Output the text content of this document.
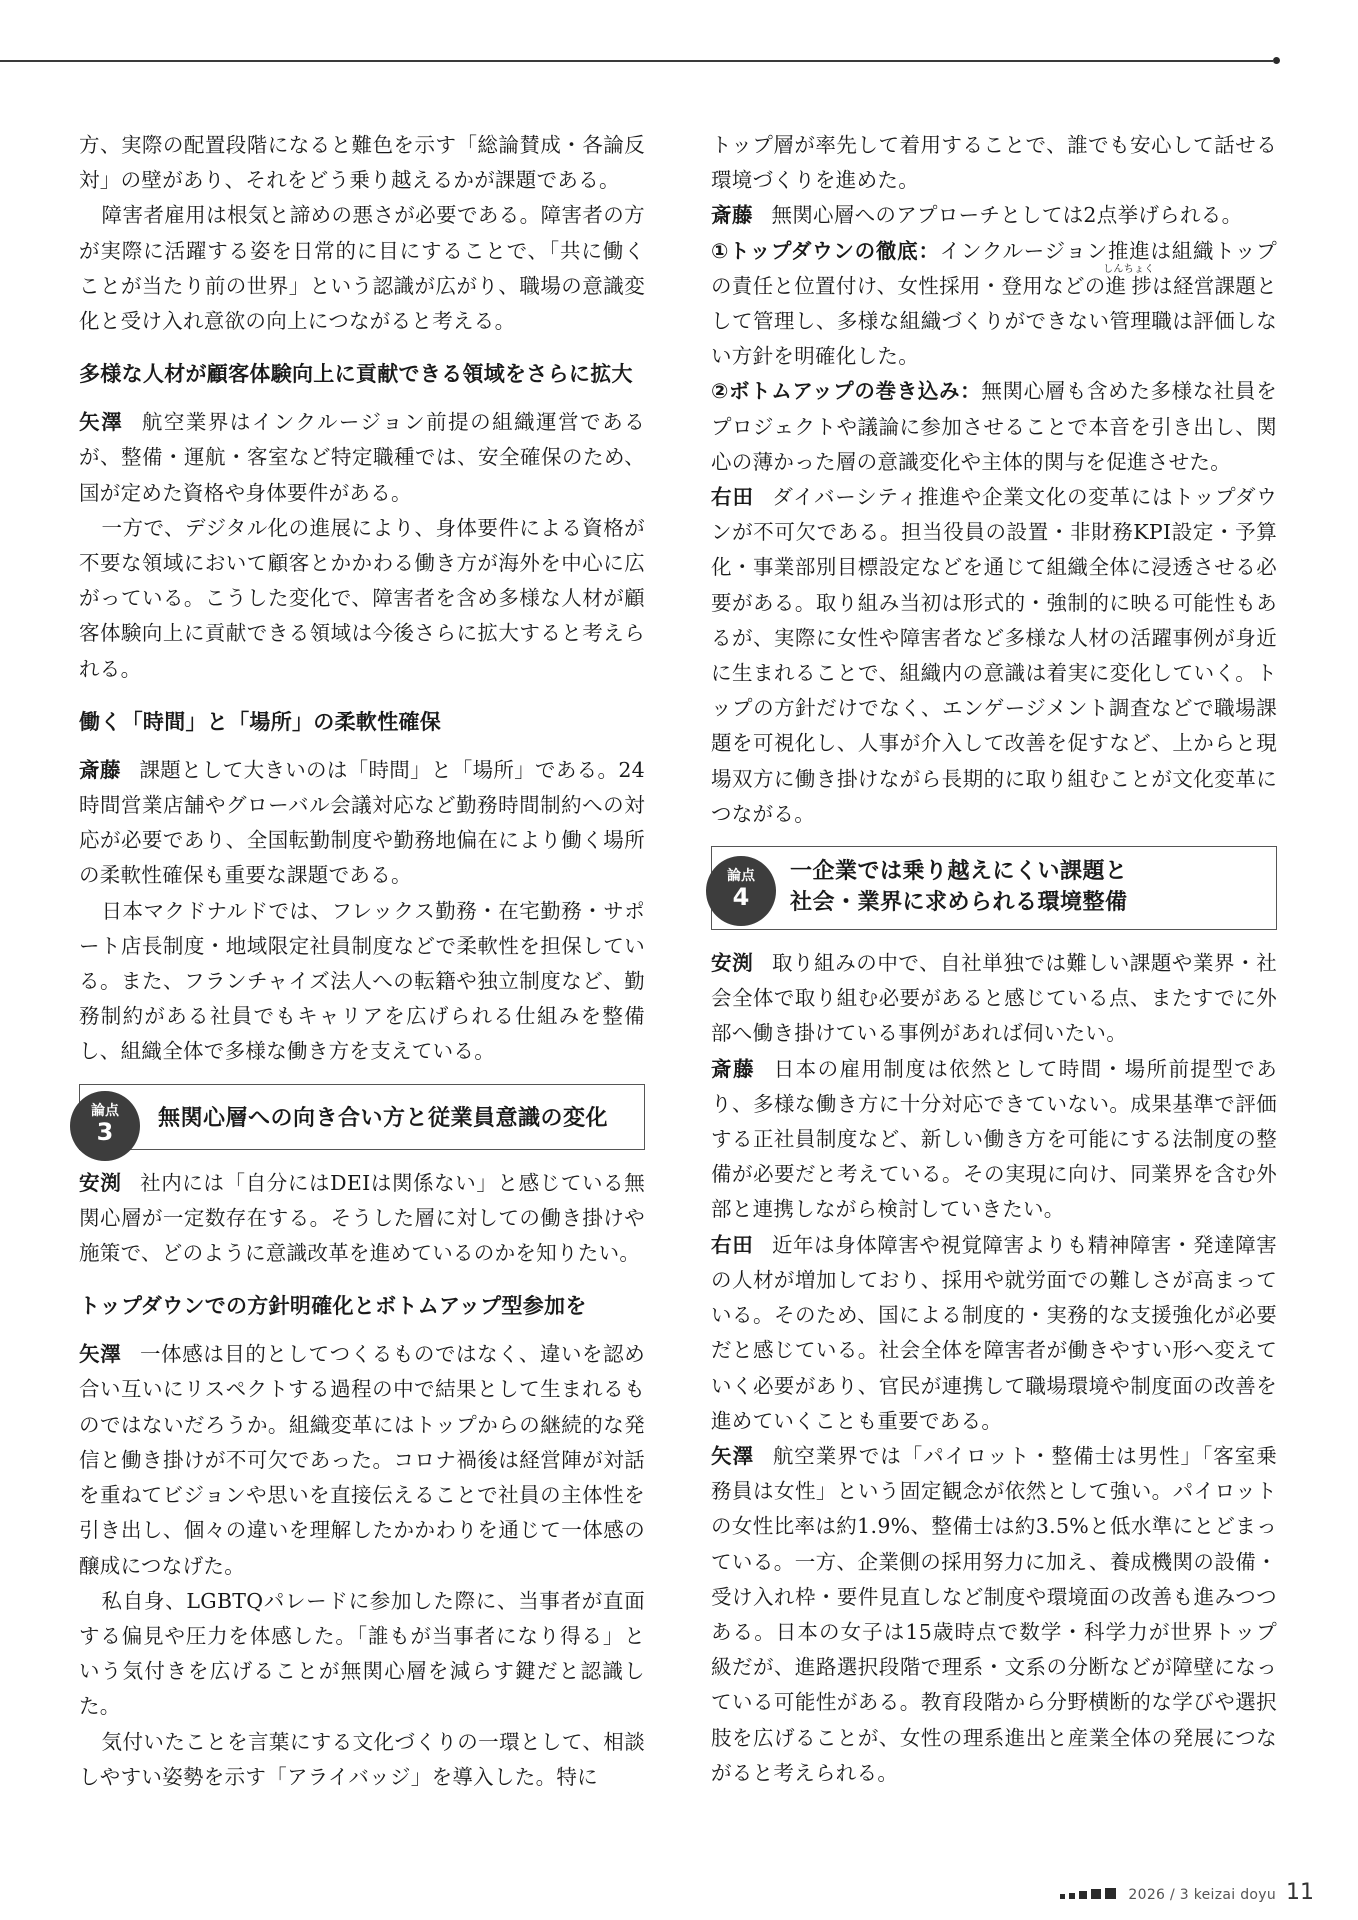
方、実際の配置段階になると難色を示す「総論賛成・各論反対」の壁があり、それをどう乗り越えるかが課題である。

障害者雇用は根気と諦めの悪さが必要である。障害者の方が実際に活躍する姿を日常的に目にすることで、「共に働くことが当たり前の世界」という認識が広がり、職場の意識変化と受け入れ意欲の向上につながると考える。

多様な人材が顧客体験向上に貢献できる領域をさらに拡大

矢澤 航空業界はインクルージョン前提の組織運営であるが、整備・運航・客室など特定職種では、安全確保のため、国が定めた資格や身体要件がある。

一方で、デジタル化の進展により、身体要件による資格が不要な領域において顧客とかかわる働き方が海外を中心に広がっている。こうした変化で、障害者を含め多様な人材が顧客体験向上に貢献できる領域は今後さらに拡大すると考えられる。

働く「時間」と「場所」の柔軟性確保

斎藤 課題として大きいのは「時間」と「場所」である。24時間営業店舗やグローバル会議対応など勤務時間制約への対応が必要であり、全国転勤制度や勤務地偏在により働く場所の柔軟性確保も重要な課題である。

日本マクドナルドでは、フレックス勤務・在宅勤務・サポート店長制度・地域限定社員制度などで柔軟性を担保している。また、フランチャイズ法人への転籍や独立制度など、勤務制約がある社員でもキャリアを広げられる仕組みを整備し、組織全体で多様な働き方を支えている。

論点
3	無関心層への向き合い方と従業員意識の変化

安渕 社内には「自分にはDEIは関係ない」と感じている無関心層が一定数存在する。そうした層に対しての働き掛けや施策で、どのように意識改革を進めているのかを知りたい。

トップダウンでの方針明確化とボトムアップ型参加を

矢澤 一体感は目的としてつくるものではなく、違いを認め合い互いにリスペクトする過程の中で結果として生まれるものではないだろうか。組織変革にはトップからの継続的な発信と働き掛けが不可欠であった。コロナ禍後は経営陣が対話を重ねてビジョンや思いを直接伝えることで社員の主体性を引き出し、個々の違いを理解したかかわりを通じて一体感の醸成につなげた。

私自身、LGBTQパレードに参加した際に、当事者が直面する偏見や圧力を体感した。「誰もが当事者になり得る」という気付きを広げることが無関心層を減らす鍵だと認識した。

気付いたことを言葉にする文化づくりの一環として、相談しやすい姿勢を示す「アライバッジ」を導入した。特に

トップ層が率先して着用することで、誰でも安心して話せる環境づくりを進めた。

斎藤 無関心層へのアプローチとしては2点挙げられる。

①トップダウンの徹底：インクルージョン推進は組織トップの責任と位置付け、女性採用・登用などの進捗しんちょくは経営課題として管理し、多様な組織づくりができない管理職は評価しない方針を明確化した。

②ボトムアップの巻き込み：無関心層も含めた多様な社員をプロジェクトや議論に参加させることで本音を引き出し、関心の薄かった層の意識変化や主体的関与を促進させた。

右田 ダイバーシティ推進や企業文化の変革にはトップダウンが不可欠である。担当役員の設置・非財務KPI設定・予算化・事業部別目標設定などを通じて組織全体に浸透させる必要がある。取り組み当初は形式的・強制的に映る可能性もあるが、実際に女性や障害者など多様な人材の活躍事例が身近に生まれることで、組織内の意識は着実に変化していく。トップの方針だけでなく、エンゲージメント調査などで職場課題を可視化し、人事が介入して改善を促すなど、上からと現場双方に働き掛けながら長期的に取り組むことが文化変革につながる。

論点
4
一企業では乗り越えにくい課題と
社会・業界に求められる環境整備

安渕 取り組みの中で、自社単独では難しい課題や業界・社会全体で取り組む必要があると感じている点、またすでに外部へ働き掛けている事例があれば伺いたい。

斎藤 日本の雇用制度は依然として時間・場所前提型であり、多様な働き方に十分対応できていない。成果基準で評価する正社員制度など、新しい働き方を可能にする法制度の整備が必要だと考えている。その実現に向け、同業界を含む外部と連携しながら検討していきたい。

右田 近年は身体障害や視覚障害よりも精神障害・発達障害の人材が増加しており、採用や就労面での難しさが高まっている。そのため、国による制度的・実務的な支援強化が必要だと感じている。社会全体を障害者が働きやすい形へ変えていく必要があり、官民が連携して職場環境や制度面の改善を進めていくことも重要である。

矢澤 航空業界では「パイロット・整備士は男性」「客室乗務員は女性」という固定観念が依然として強い。パイロットの女性比率は約1.9%、整備士は約3.5%と低水準にとどまっている。一方、企業側の採用努力に加え、養成機関の設備・受け入れ枠・要件見直しなど制度や環境面の改善も進みつつある。日本の女子は15歳時点で数学・科学力が世界トップ級だが、進路選択段階で理系・文系の分断などが障壁になっている可能性がある。教育段階から分野横断的な学びや選択肢を広げることが、女性の理系進出と産業全体の発展につながると考えられる。

2026 / 3 keizai doyu 11
